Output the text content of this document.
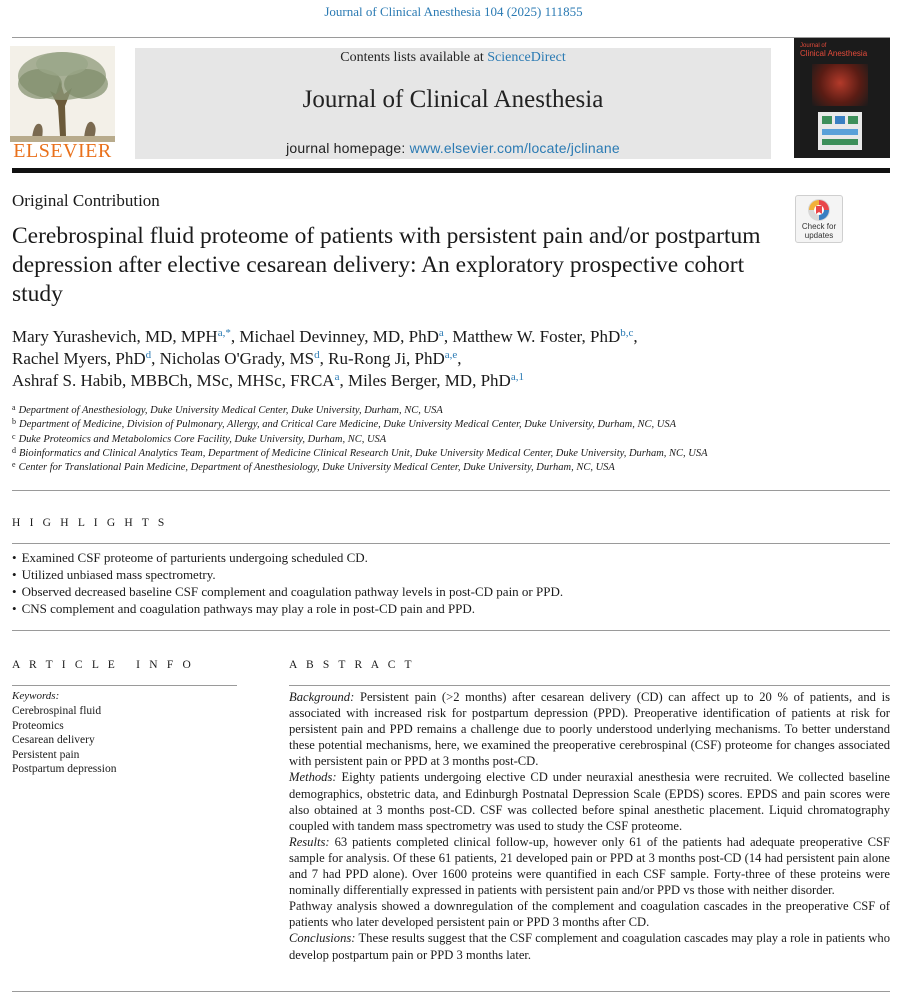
Journal of Clinical Anesthesia 104 (2025) 111855
ELSEVIER
Contents lists available at ScienceDirect
Journal of Clinical Anesthesia
journal homepage: www.elsevier.com/locate/jclinane
Journal of
Clinical Anesthesia
Original Contribution
Check for
updates
Cerebrospinal fluid proteome of patients with persistent pain and/or postpartum depression after elective cesarean delivery: An exploratory prospective cohort study
Mary Yurashevich, MD, $MPH^{a,*}$, Michael Devinney, MD, PhD$^a$, Matthew W. Foster, PhD$^{b,c}$,
Rachel Myers, PhD$^d$, Nicholas O'Grady, $MS^d$, Ru-Rong Ji, PhD$^{a,e}$,
Ashraf S. Habib, MBBCh, MSc, MHSc, FRCA$^a$, Miles Berger, MD, PhD$^{a,1}$
$^a$ Department of Anesthesiology, Duke University Medical Center, Duke University, Durham, NC, USA
$^b$ Department of Medicine, Division of Pulmonary, Allergy, and Critical Care Medicine, Duke University Medical Center, Duke University, Durham, NC, USA
$^c$ Duke Proteomics and Metabolomics Core Facility, Duke University, Durham, NC, USA
$^d$ Bioinformatics and Clinical Analytics Team, Department of Medicine Clinical Research Unit, Duke University Medical Center, Duke University, Durham, NC, USA
$^e$ Center for Translational Pain Medicine, Department of Anesthesiology, Duke University Medical Center, Duke University, Durham, NC, USA
H I G H L I G H T S
• Examined CSF proteome of parturients undergoing scheduled CD.
• Utilized unbiased mass spectrometry.
• Observed decreased baseline CSF complement and coagulation pathway levels in post-CD pain or PPD.
• CNS complement and coagulation pathways may play a role in post-CD pain and PPD.
A R T I C L E   I N F O
Keywords:
Cerebrospinal fluid
Proteomics
Cesarean delivery
Persistent pain
Postpartum depression
A B S T R A C T

Background: Persistent pain (>2 months) after cesarean delivery (CD) can affect up to 20 % of patients, and is associated with increased risk for postpartum depression (PPD). Preoperative identification of patients at risk for persistent pain and PPD remains a challenge due to poorly understood underlying mechanisms. To better understand these potential mechanisms, here, we examined the preoperative cerebrospinal (CSF) proteome for changes associated with persistent pain or PPD at 3 months post-CD.

Methods: Eighty patients undergoing elective CD under neuraxial anesthesia were recruited. We collected baseline demographics, obstetric data, and Edinburgh Postnatal Depression Scale (EPDS) scores. EPDS and pain scores were also obtained at 3 months post-CD. CSF was collected before spinal anesthetic placement. Liquid chromatography coupled with tandem mass spectrometry was used to study the CSF proteome.

Results: 63 patients completed clinical follow-up, however only 61 of the patients had adequate preoperative CSF sample for analysis. Of these 61 patients, 21 developed pain or PPD at 3 months post-CD (14 had persistent pain alone and 7 had PPD alone). Over 1600 proteins were quantified in each CSF sample. Forty-three of these proteins were nominally differentially expressed in patients with persistent pain and/or PPD vs those with neither disorder.

Pathway analysis showed a downregulation of the complement and coagulation cascades in the preoperative CSF of patients who later developed persistent pain or PPD 3 months after CD.

Conclusions: These results suggest that the CSF complement and coagulation cascades may play a role in patients who develop postpartum pain or PPD 3 months later.
